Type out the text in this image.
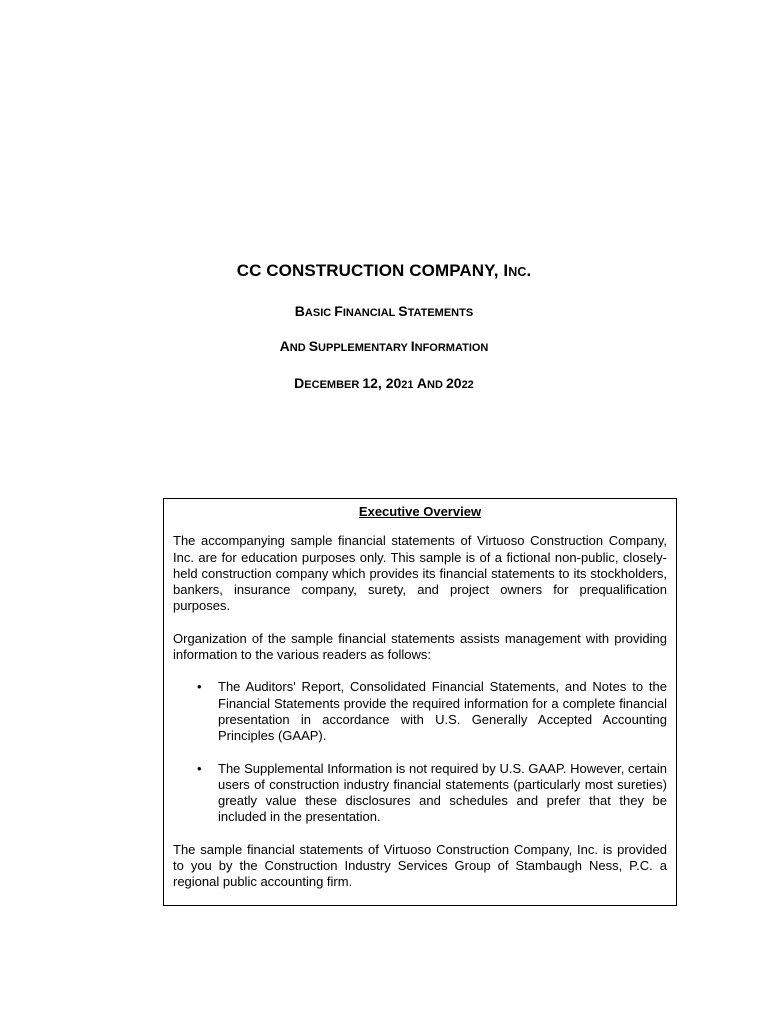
CC CONSTRUCTION COMPANY, INC.
BASIC FINANCIAL STATEMENTS
AND SUPPLEMENTARY INFORMATION
DECEMBER 12, 2021 AND 2022
Executive Overview

The accompanying sample financial statements of Virtuoso Construction Company, Inc. are for education purposes only. This sample is of a fictional non-public, closely-held construction company which provides its financial statements to its stockholders, bankers, insurance company, surety, and project owners for prequalification purposes.

Organization of the sample financial statements assists management with providing information to the various readers as follows:

• The Auditors' Report, Consolidated Financial Statements, and Notes to the Financial Statements provide the required information for a complete financial presentation in accordance with U.S. Generally Accepted Accounting Principles (GAAP).
• The Supplemental Information is not required by U.S. GAAP. However, certain users of construction industry financial statements (particularly most sureties) greatly value these disclosures and schedules and prefer that they be included in the presentation.

The sample financial statements of Virtuoso Construction Company, Inc. is provided to you by the Construction Industry Services Group of Stambaugh Ness, P.C. a regional public accounting firm.
